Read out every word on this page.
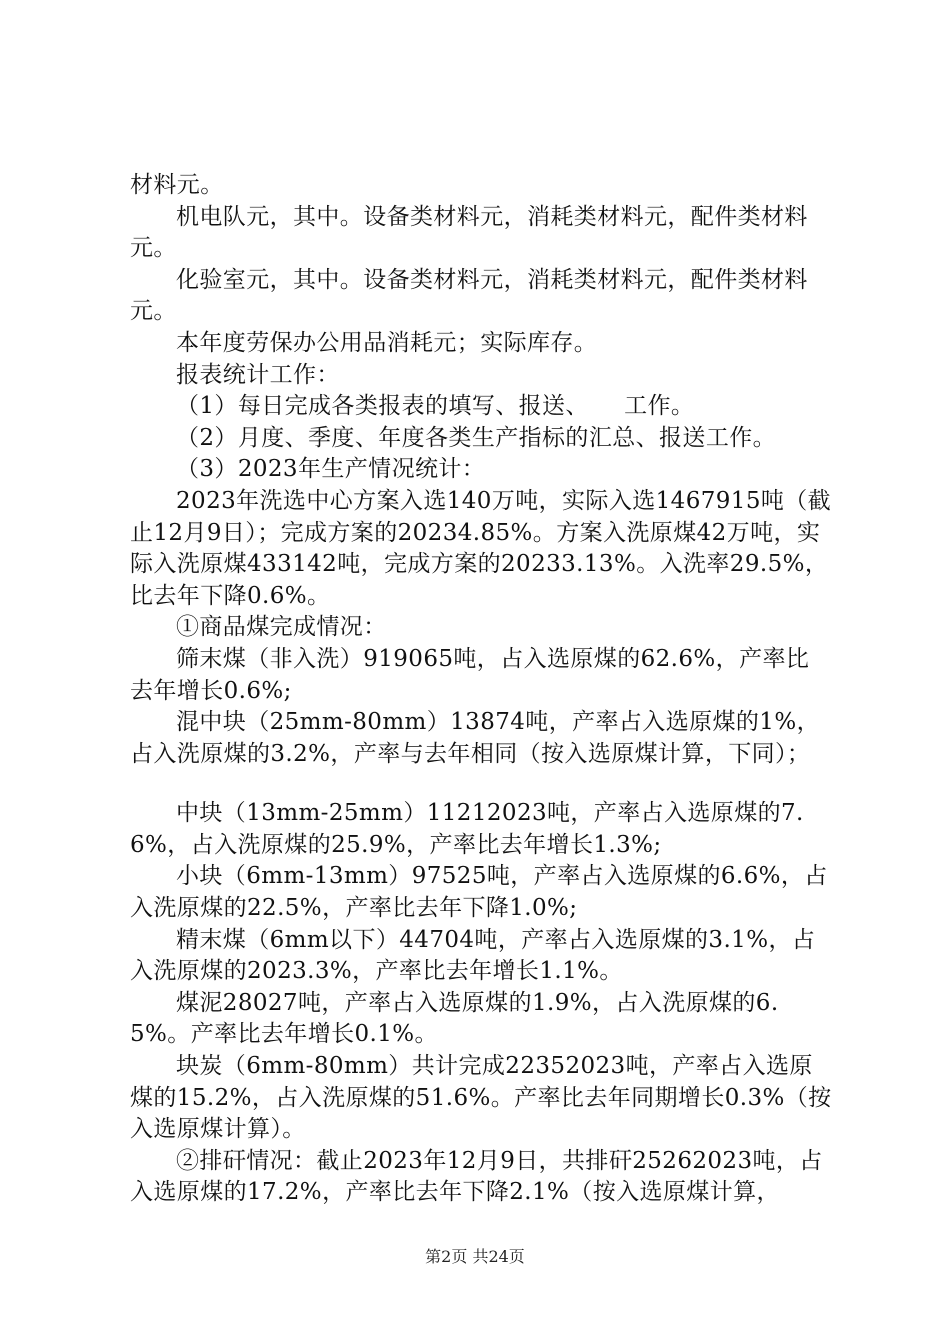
材料元。

机电队元，其中。设备类材料元，消耗类材料元，配件类材料元。

化验室元，其中。设备类材料元，消耗类材料元，配件类材料元。

本年度劳保办公用品消耗元；实际库存。

报表统计工作：

（1）每日完成各类报表的填写、报送、　　工作。

（2）月度、季度、年度各类生产指标的汇总、报送工作。

（3）2023年生产情况统计：

2023年洗选中心方案入选140万吨，实际入选1467915吨（截止12月9日）；完成方案的20234.85%。方案入洗原煤42万吨，实际入洗原煤433142吨，完成方案的20233.13%。入洗率29.5%，比去年下降0.6%。

①商品煤完成情况：

筛末煤（非入洗）919065吨，占入选原煤的62.6%，产率比去年增长0.6%;

混中块（25mm-80mm）13874吨，产率占入选原煤的1%，占入洗原煤的3.2%，产率与去年相同（按入选原煤计算，下同）；

中块（13mm-25mm）11212023吨，产率占入选原煤的7.6%，占入洗原煤的25.9%，产率比去年增长1.3%;

小块（6mm-13mm）97525吨，产率占入选原煤的6.6%，占入洗原煤的22.5%，产率比去年下降1.0%;

精末煤（6mm以下）44704吨，产率占入选原煤的3.1%，占入洗原煤的2023.3%，产率比去年增长1.1%。

煤泥28027吨，产率占入选原煤的1.9%，占入洗原煤的6.5%。产率比去年增长0.1%。

块炭（6mm-80mm）共计完成22352023吨，产率占入选原煤的15.2%，占入洗原煤的51.6%。产率比去年同期增长0.3%（按入选原煤计算）。

②排矸情况：截止2023年12月9日，共排矸25262023吨，占入选原煤的17.2%，产率比去年下降2.1%（按入选原煤计算，

第2页 共24页
